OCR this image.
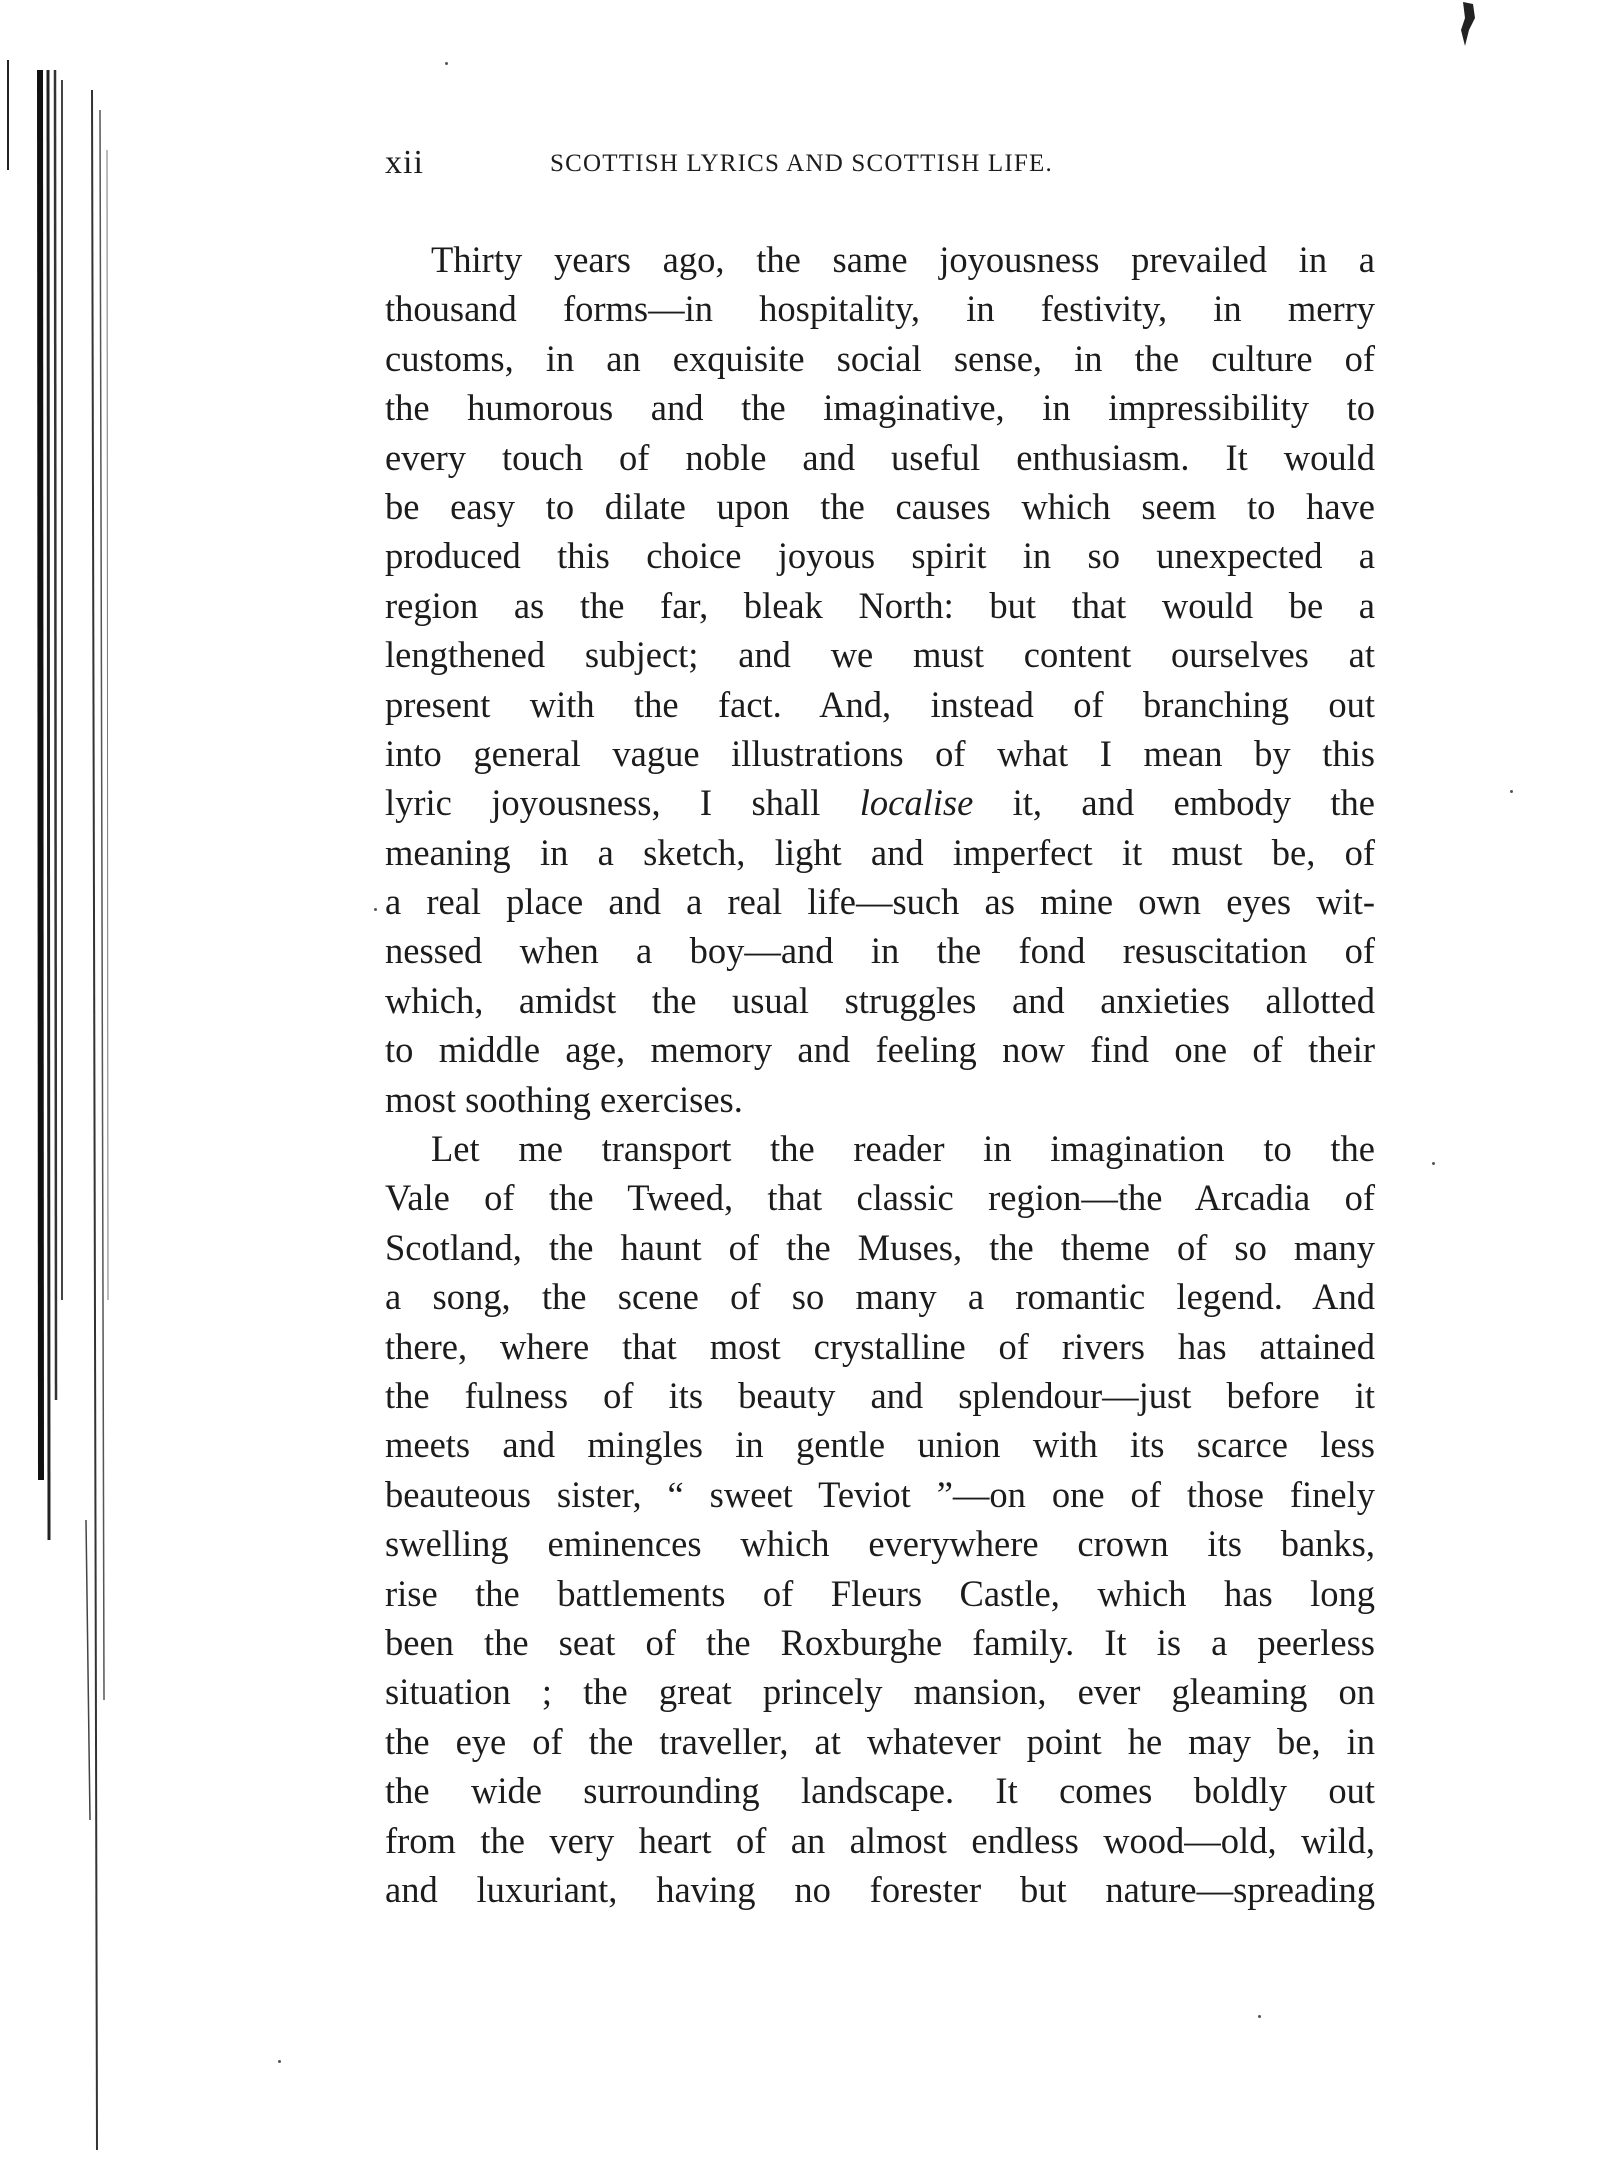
xii	SCOTTISH LYRICS AND SCOTTISH LIFE.
Thirty years ago, the same joyousness prevailed in a
thousand forms—in hospitality, in festivity, in merry
customs, in an exquisite social sense, in the culture of
the humorous and the imaginative, in impressibility to
every touch of noble and useful enthusiasm. It would
be easy to dilate upon the causes which seem to have
produced this choice joyous spirit in so unexpected a
region as the far, bleak North: but that would be a
lengthened subject; and we must content ourselves at
present with the fact. And, instead of branching out
into general vague illustrations of what I mean by this
lyric joyousness, I shall localise it, and embody the
meaning in a sketch, light and imperfect it must be, of
a real place and a real life—such as mine own eyes wit-
nessed when a boy—and in the fond resuscitation of
which, amidst the usual struggles and anxieties allotted
to middle age, memory and feeling now find one of their
most soothing exercises.
Let me transport the reader in imagination to the
Vale of the Tweed, that classic region—the Arcadia of
Scotland, the haunt of the Muses, the theme of so many
a song, the scene of so many a romantic legend. And
there, where that most crystalline of rivers has attained
the fulness of its beauty and splendour—just before it
meets and mingles in gentle union with its scarce less
beauteous sister, “ sweet Teviot ”—on one of those finely
swelling eminences which everywhere crown its banks,
rise the battlements of Fleurs Castle, which has long
been the seat of the Roxburghe family. It is a peerless
situation ; the great princely mansion, ever gleaming on
the eye of the traveller, at whatever point he may be, in
the wide surrounding landscape. It comes boldly out
from the very heart of an almost endless wood—old, wild,
and luxuriant, having no forester but nature—spreading
